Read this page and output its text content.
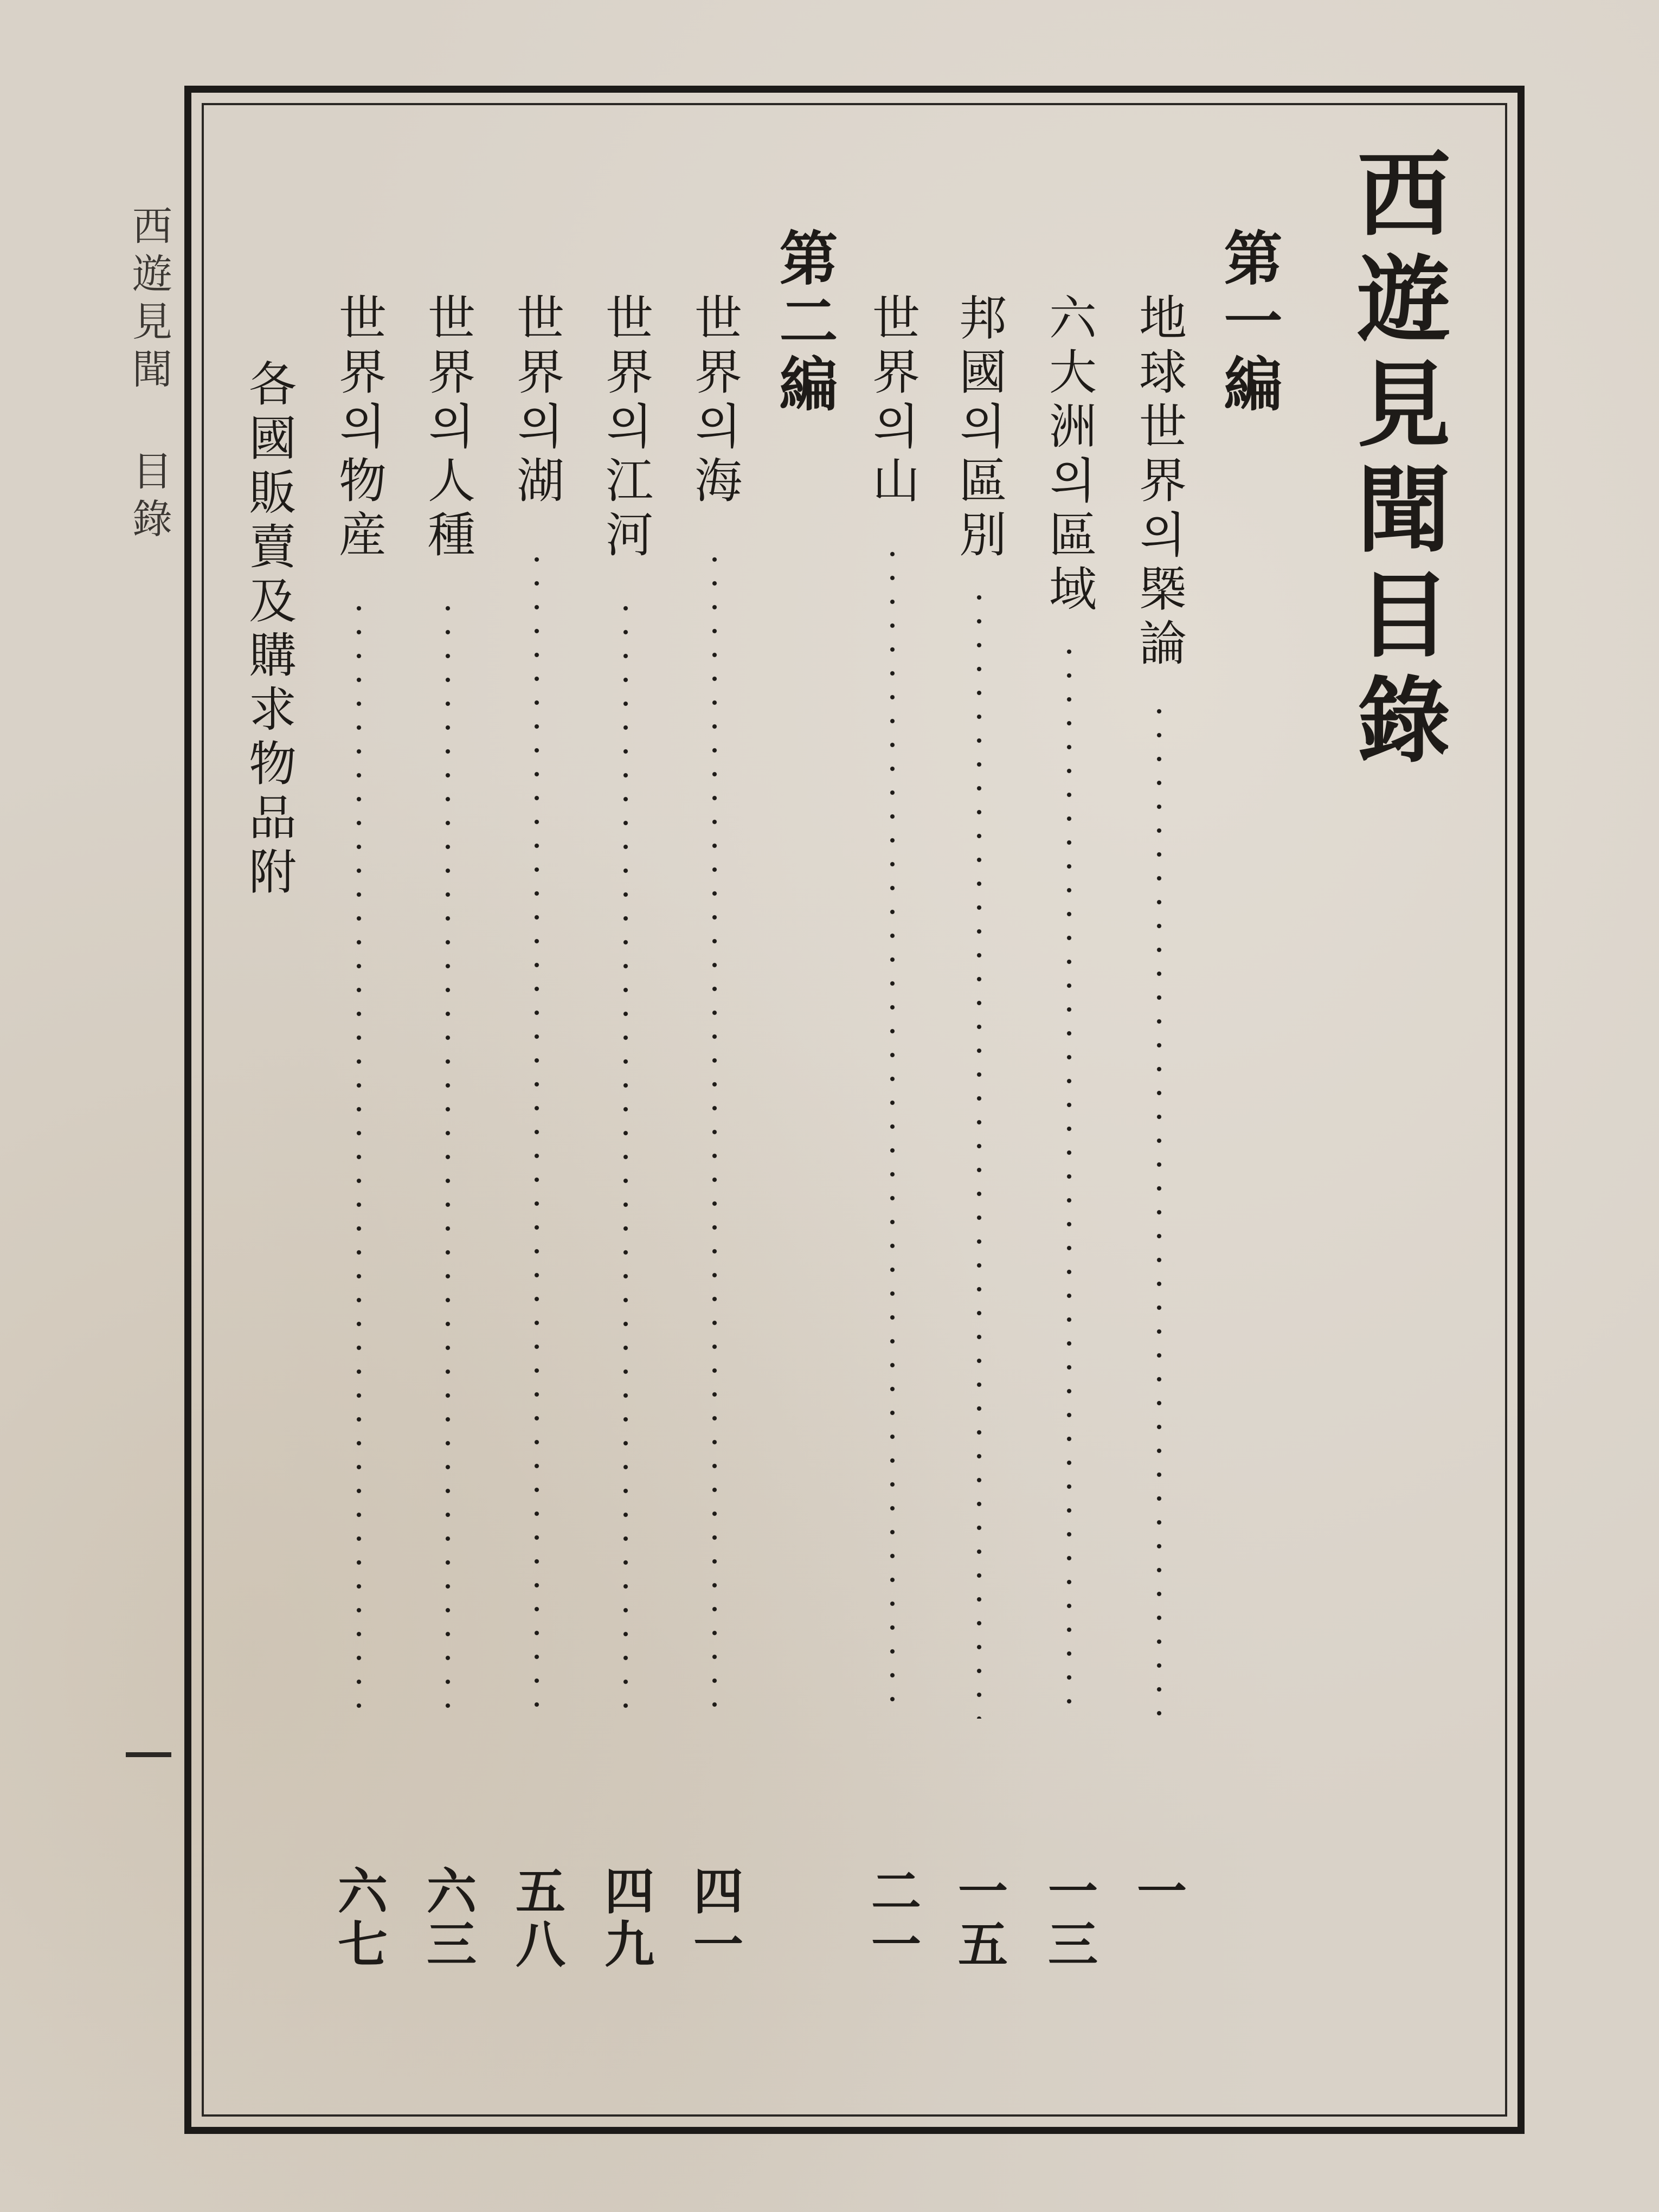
西遊見聞 目錄	西遊見聞目錄
第一編
地球世界의槩論
一
六大洲의區域
一三
邦國의區別
一五
世界의山
二一
第二編
世界의海
四一
世界의江河
四九
世界의湖
五八
世界의人種
六三
世界의物産
六七
各國販賣及購求物品附
